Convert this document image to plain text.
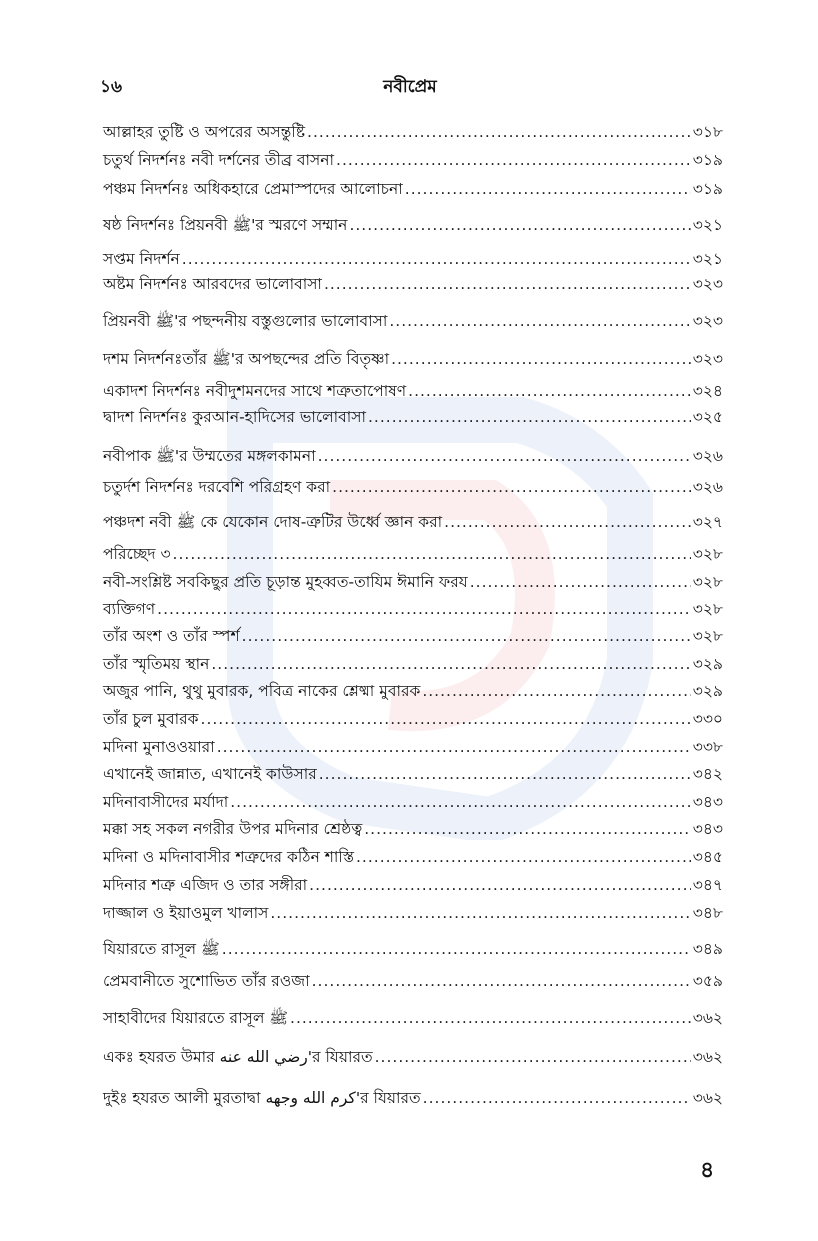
১৬	নবীপ্রেম
আল্লাহর তুষ্টি ও অপরের অসন্তুষ্টি .....	৩১৮
চতুর্থ নিদর্শনঃ নবী দর্শনের তীব্র বাসনা .....	৩১৯
পঞ্চম নিদর্শনঃ অধিকহারে প্রেমাস্পদের আলোচনা .....	৩১৯
ষষ্ঠ নিদর্শনঃ প্রিয়নবী ﷺ'র স্মরণে সম্মান .....	৩২১
সপ্তম নিদর্শন .....	৩২১
অষ্টম নিদর্শনঃ আরবদের ভালোবাসা .....	৩২৩
প্রিয়নবী ﷺ'র পছন্দনীয় বস্তুগুলোর ভালোবাসা .....	৩২৩
দশম নিদর্শনঃতাঁর ﷺ'র অপছন্দের প্রতি বিতৃষ্ণা .....	৩২৩
একাদশ নিদর্শনঃ নবীদুশমনদের সাথে শত্রুতাপোষণ .....	৩২৪
দ্বাদশ নিদর্শনঃ কুরআন-হাদিসের ভালোবাসা .....	৩২৫
নবীপাক ﷺ'র উম্মতের মঙ্গলকামনা .....	৩২৬
চতুর্দশ নিদর্শনঃ দরবেশি পরিগ্রহণ করা .....	৩২৬
পঞ্চদশ নবী ﷺ কে যেকোন দোষ-ত্রুটির উর্ধ্বে জ্ঞান করা .....	৩২৭
পরিচ্ছেদ ৩ .....	৩২৮
নবী-সংশ্লিষ্ট সবকিছুর প্রতি চূড়ান্ত মুহব্বত-তাযিম ঈমানি ফরয .....	৩২৮
ব্যক্তিগণ .....	৩২৮
তাঁর অংশ ও তাঁর স্পর্শ .....	৩২৮
তাঁর স্মৃতিময় স্থান .....	৩২৯
অজুর পানি, থুথু মুবারক, পবিত্র নাকের শ্লেষ্মা মুবারক .....	৩২৯
তাঁর চুল মুবারক .....	৩৩০
মদিনা মুনাওওয়ারা .....	৩৩৮
এখানেই জান্নাত, এখানেই কাউসার .....	৩৪২
মদিনাবাসীদের মর্যাদা .....	৩৪৩
মক্কা সহ সকল নগরীর উপর মদিনার শ্রেষ্ঠত্ব .....	৩৪৩
মদিনা ও মদিনাবাসীর শত্রুদের কঠিন শাস্তি .....	৩৪৫
মদিনার শত্রু এজিদ ও তার সঙ্গীরা .....	৩৪৭
দাজ্জাল ও ইয়াওমুল খালাস .....	৩৪৮
যিয়ারতে রাসূল ﷺ .....	৩৪৯
প্রেমবানীতে সুশোভিত তাঁর রওজা .....	৩৫৯
সাহাবীদের যিয়ারতে রাসূল ﷺ .....	৩৬২
একঃ হযরত উমার رضي الله عنه'র যিয়ারত .....	৩৬২
দুইঃ হযরত আলী মুরতাদ্বা كرم الله وجهه'র যিয়ারত .....	৩৬২
৪
